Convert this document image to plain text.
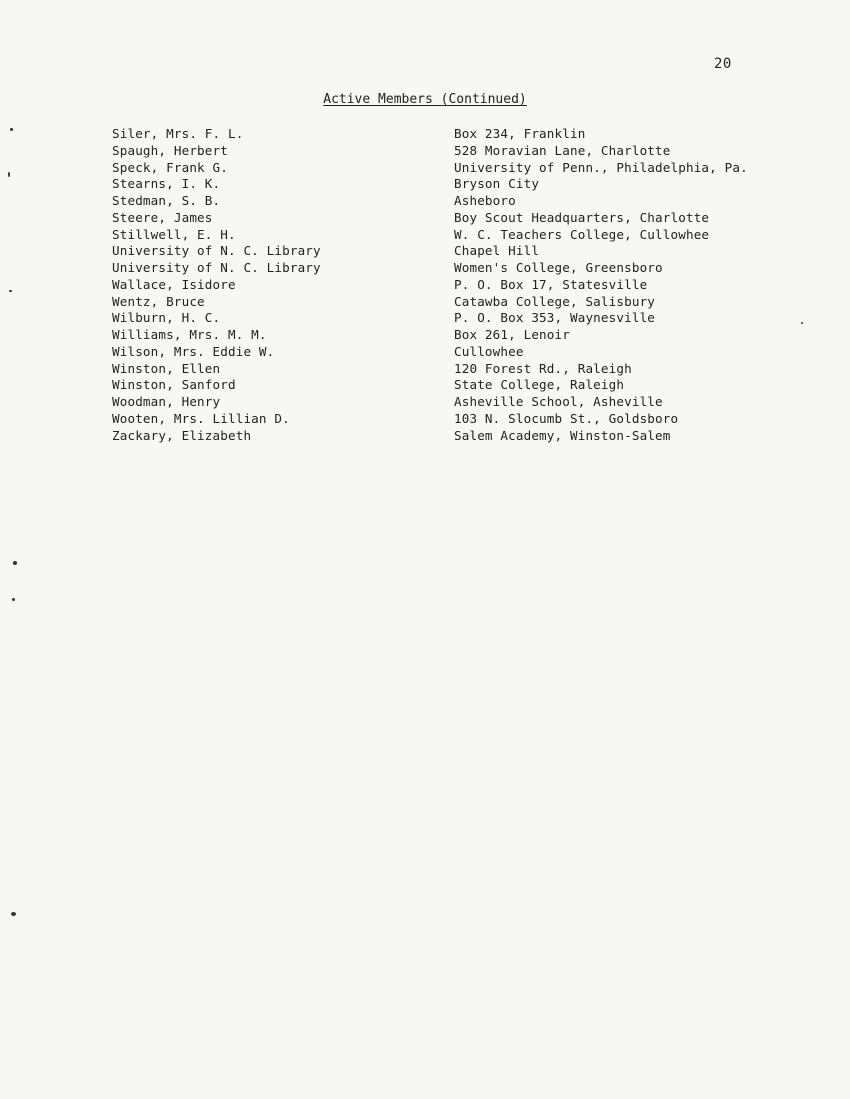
20
Active Members (Continued)
Siler, Mrs. F. L.	Box 234, Franklin
Spaugh, Herbert	528 Moravian Lane, Charlotte
Speck, Frank G.	University of Penn., Philadelphia, Pa.
Stearns, I. K.	Bryson City
Stedman, S. B.	Asheboro
Steere, James	Boy Scout Headquarters, Charlotte
Stillwell, E. H.	W. C. Teachers College, Cullowhee
University of N. C. Library	Chapel Hill
University of N. C. Library	Women's College, Greensboro
Wallace, Isidore	P. O. Box 17, Statesville
Wentz, Bruce	Catawba College, Salisbury
Wilburn, H. C.	P. O. Box 353, Waynesville
Williams, Mrs. M. M.	Box 261, Lenoir
Wilson, Mrs. Eddie W.	Cullowhee
Winston, Ellen	120 Forest Rd., Raleigh
Winston, Sanford	State College, Raleigh
Woodman, Henry	Asheville School, Asheville
Wooten, Mrs. Lillian D.	103 N. Slocumb St., Goldsboro
Zackary, Elizabeth	Salem Academy, Winston-Salem
